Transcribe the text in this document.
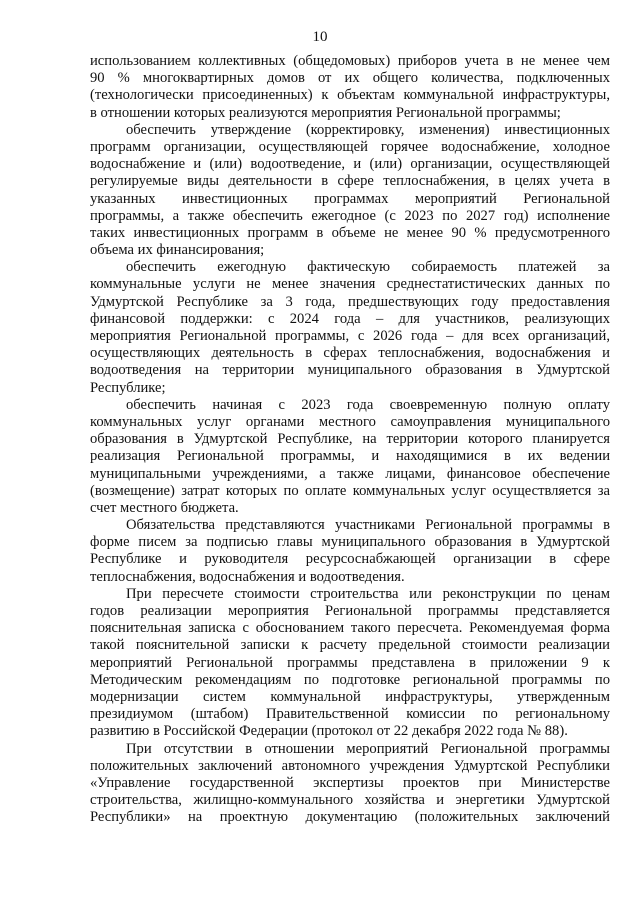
10
использованием коллективных (общедомовых) приборов учета в не менее чем
90 % многоквартирных домов от их общего количества, подключенных
(технологически присоединенных) к объектам коммунальной инфраструктуры,
в отношении которых реализуются мероприятия Региональной программы;
обеспечить утверждение (корректировку, изменения) инвестиционных
программ организации, осуществляющей горячее водоснабжение, холодное
водоснабжение и (или) водоотведение, и (или) организации, осуществляющей
регулируемые виды деятельности в сфере теплоснабжения, в целях учета в
указанных инвестиционных программах мероприятий Региональной
программы, а также обеспечить ежегодное (с 2023 по 2027 год) исполнение
таких инвестиционных программ в объеме не менее 90 % предусмотренного
объема их финансирования;
обеспечить ежегодную фактическую собираемость платежей за
коммунальные услуги не менее значения среднестатистических данных по
Удмуртской Республике за 3 года, предшествующих году предоставления
финансовой поддержки: с 2024 года – для участников, реализующих
мероприятия Региональной программы, с 2026 года – для всех организаций,
осуществляющих деятельность в сферах теплоснабжения, водоснабжения и
водоотведения на территории муниципального образования в Удмуртской
Республике;
обеспечить начиная с 2023 года своевременную полную оплату
коммунальных услуг органами местного самоуправления муниципального
образования в Удмуртской Республике, на территории которого планируется
реализация Региональной программы, и находящимися в их ведении
муниципальными учреждениями, а также лицами, финансовое обеспечение
(возмещение) затрат которых по оплате коммунальных услуг осуществляется за
счет местного бюджета.
Обязательства представляются участниками Региональной программы в
форме писем за подписью главы муниципального образования в Удмуртской
Республике и руководителя ресурсоснабжающей организации в сфере
теплоснабжения, водоснабжения и водоотведения.
При пересчете стоимости строительства или реконструкции по ценам
годов реализации мероприятия Региональной программы представляется
пояснительная записка с обоснованием такого пересчета. Рекомендуемая форма
такой пояснительной записки к расчету предельной стоимости реализации
мероприятий Региональной программы представлена в приложении 9 к
Методическим рекомендациям по подготовке региональной программы по
модернизации систем коммунальной инфраструктуры, утвержденным
президиумом (штабом) Правительственной комиссии по региональному
развитию в Российской Федерации (протокол от 22 декабря 2022 года № 88).
При отсутствии в отношении мероприятий Региональной программы
положительных заключений автономного учреждения Удмуртской Республики
«Управление государственной экспертизы проектов при Министерстве
строительства, жилищно-коммунального хозяйства и энергетики Удмуртской
Республики» на проектную документацию (положительных заключений
